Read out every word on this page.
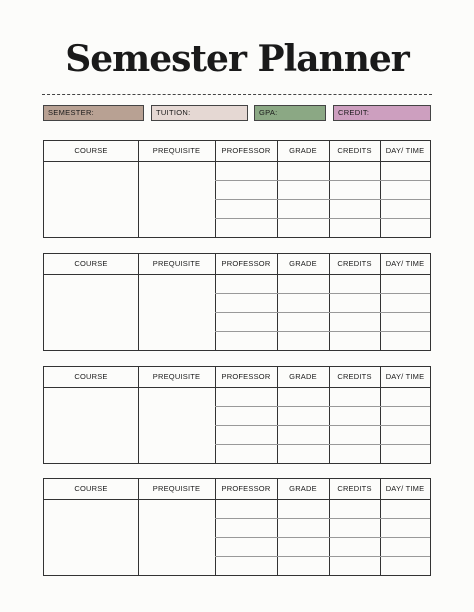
Semester Planner
SEMESTER:	TUITION:	GPA:	CREDIT:
COURSE	PREQUISITE	PROFESSOR	GRADE	CREDITS	DAY/ TIME
COURSE	PREQUISITE	PROFESSOR	GRADE	CREDITS	DAY/ TIME
COURSE	PREQUISITE	PROFESSOR	GRADE	CREDITS	DAY/ TIME
COURSE	PREQUISITE	PROFESSOR	GRADE	CREDITS	DAY/ TIME
